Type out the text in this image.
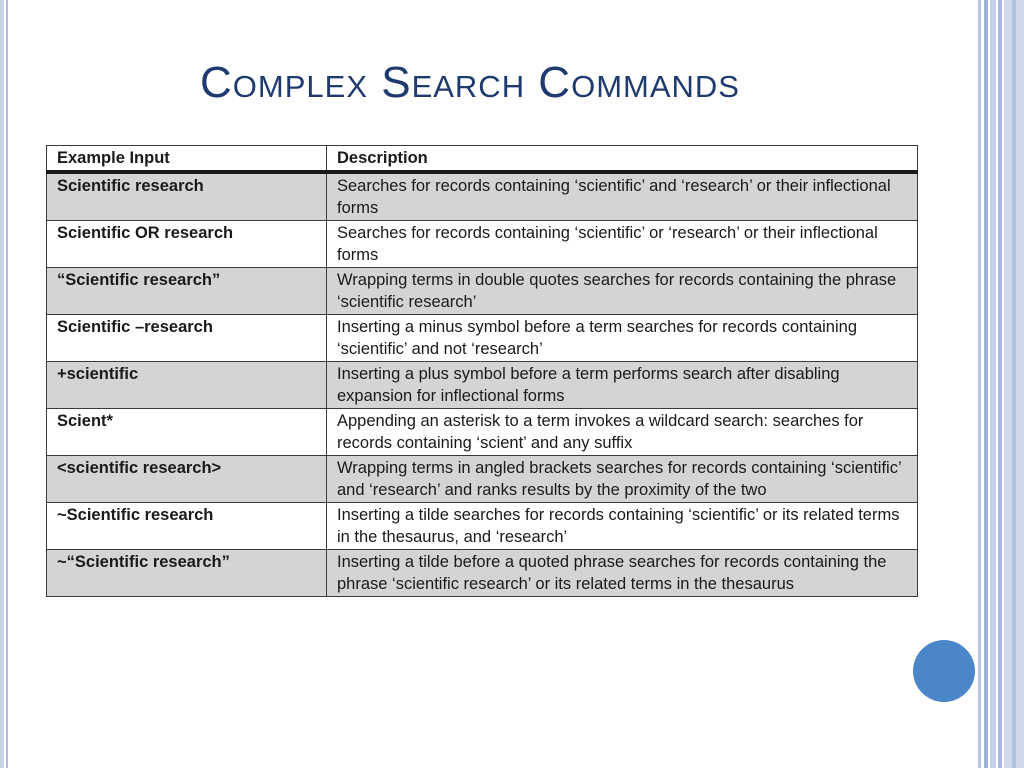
Complex Search Commands
Example Input	Description
Scientific research	Searches for records containing ‘scientific’ and ‘research’ or their inflectional forms
Scientific OR research	Searches for records containing ‘scientific’ or ‘research’ or their inflectional forms
“Scientific research”	Wrapping terms in double quotes searches for records containing the phrase ‘scientific research’
Scientific –research	Inserting a minus symbol before a term searches for records containing ‘scientific’ and not ‘research’
+scientific	Inserting a plus symbol before a term performs search after disabling expansion for inflectional forms
Scient*	Appending an asterisk to a term invokes a wildcard search: searches for records containing ‘scient’ and any suffix
<scientific research>	Wrapping terms in angled brackets searches for records containing ‘scientific’ and ‘research’ and ranks results by the proximity of the two
~Scientific research	Inserting a tilde searches for records containing ‘scientific’ or its related terms in the thesaurus, and ‘research’
~“Scientific research”	Inserting a tilde before a quoted phrase searches for records containing the phrase ‘scientific research’ or its related terms in the thesaurus
